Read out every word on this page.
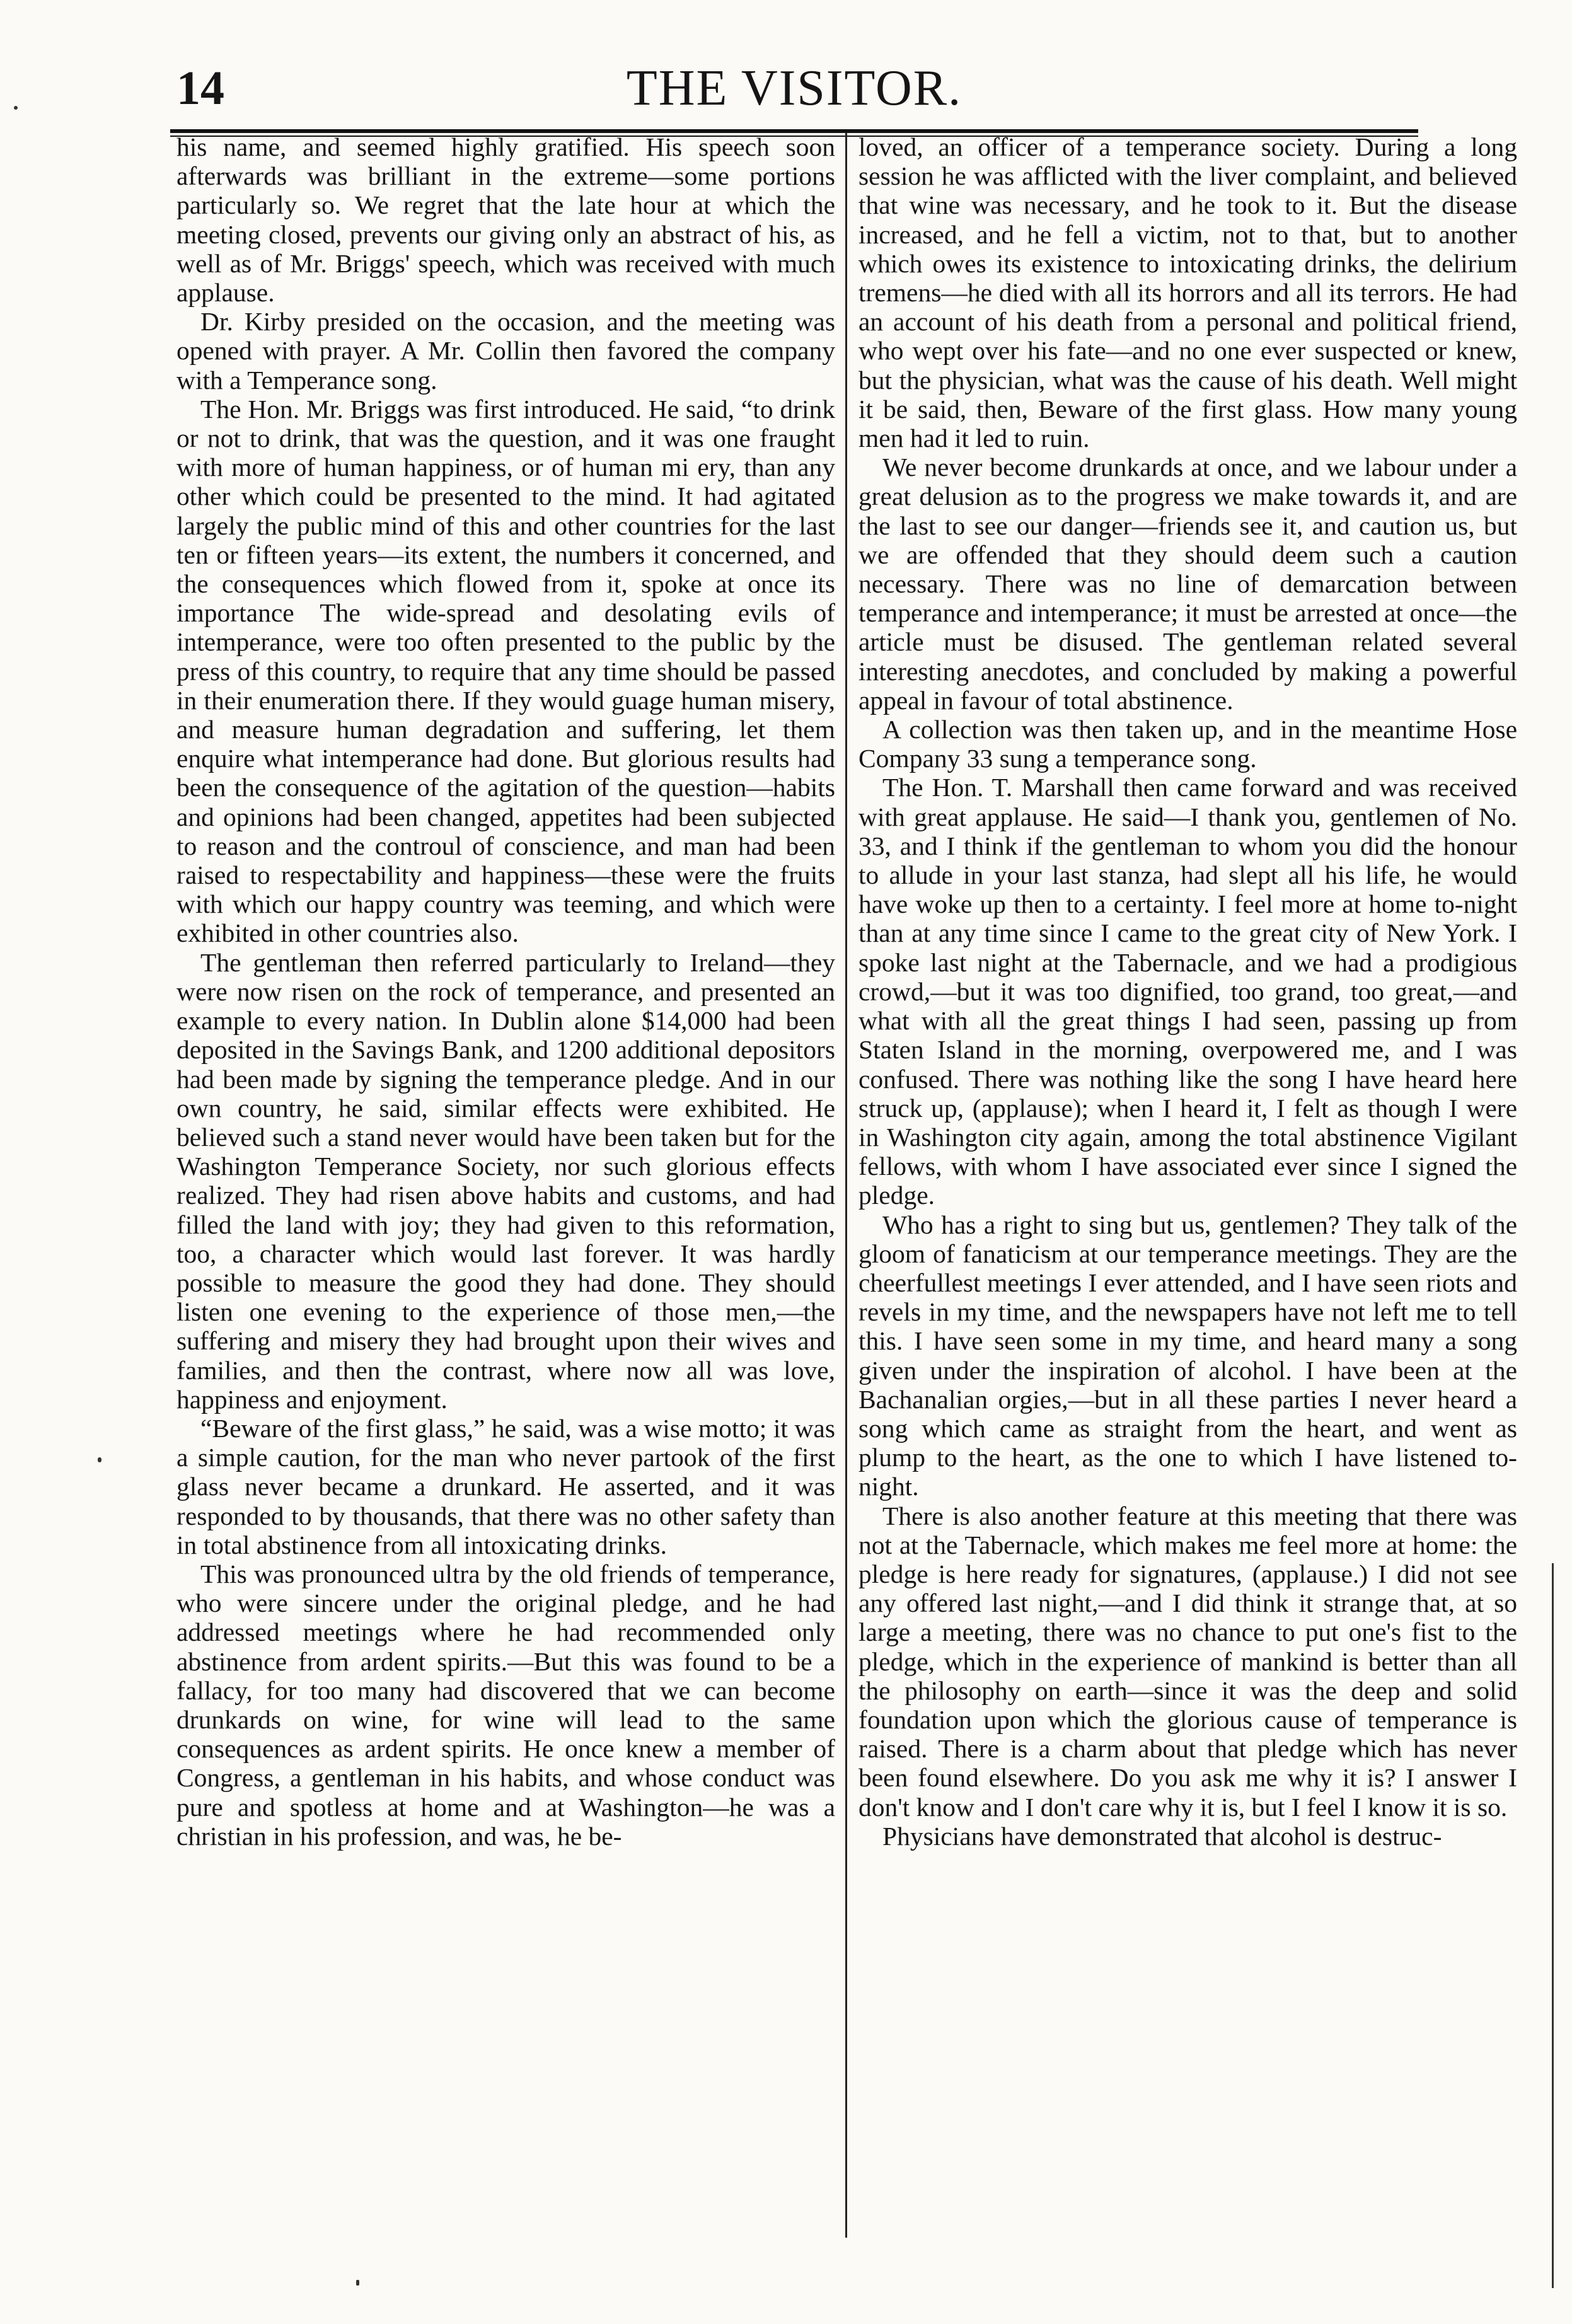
14	THE VISITOR.

his name, and seemed highly gratified. His speech soon afterwards was brilliant in the extreme—some portions particularly so. We regret that the late hour at which the meeting closed, prevents our giving only an abstract of his, as well as of Mr. Briggs' speech, which was received with much applause.

Dr. Kirby presided on the occasion, and the meeting was opened with prayer. A Mr. Collin then favored the company with a Temperance song.

The Hon. Mr. Briggs was first introduced. He said, “to drink or not to drink, that was the question, and it was one fraught with more of human happiness, or of human mi ery, than any other which could be presented to the mind. It had agitated largely the public mind of this and other countries for the last ten or fifteen years—its extent, the numbers it concerned, and the consequences which flowed from it, spoke at once its importance The wide-spread and desolating evils of intemperance, were too often presented to the public by the press of this country, to require that any time should be passed in their enumeration there. If they would guage human misery, and measure human degradation and suffering, let them enquire what intemperance had done. But glorious results had been the consequence of the agitation of the question—habits and opinions had been changed, appetites had been subjected to reason and the controul of conscience, and man had been raised to respectability and happiness—these were the fruits with which our happy country was teeming, and which were exhibited in other countries also.

The gentleman then referred particularly to Ireland—they were now risen on the rock of temperance, and presented an example to every nation. In Dublin alone $14,000 had been deposited in the Savings Bank, and 1200 additional depositors had been made by signing the temperance pledge. And in our own country, he said, similar effects were exhibited. He believed such a stand never would have been taken but for the Washington Temperance Society, nor such glorious effects realized. They had risen above habits and customs, and had filled the land with joy; they had given to this reformation, too, a character which would last forever. It was hardly possible to measure the good they had done. They should listen one evening to the experience of those men,—the suffering and misery they had brought upon their wives and families, and then the contrast, where now all was love, happiness and enjoyment.

“Beware of the first glass,” he said, was a wise motto; it was a simple caution, for the man who never partook of the first glass never became a drunkard. He asserted, and it was responded to by thousands, that there was no other safety than in total abstinence from all intoxicating drinks.

This was pronounced ultra by the old friends of temperance, who were sincere under the original pledge, and he had addressed meetings where he had recommended only abstinence from ardent spirits.—But this was found to be a fallacy, for too many had discovered that we can become drunkards on wine, for wine will lead to the same consequences as ardent spirits. He once knew a member of Congress, a gentleman in his habits, and whose conduct was pure and spotless at home and at Washington—he was a christian in his profession, and was, he be-

loved, an officer of a temperance society. During a long session he was afflicted with the liver complaint, and believed that wine was necessary, and he took to it. But the disease increased, and he fell a victim, not to that, but to another which owes its existence to intoxicating drinks, the delirium tremens—he died with all its horrors and all its terrors. He had an account of his death from a personal and political friend, who wept over his fate—and no one ever suspected or knew, but the physician, what was the cause of his death. Well might it be said, then, Beware of the first glass. How many young men had it led to ruin.

We never become drunkards at once, and we labour under a great delusion as to the progress we make towards it, and are the last to see our danger—friends see it, and caution us, but we are offended that they should deem such a caution necessary. There was no line of demarcation between temperance and intemperance; it must be arrested at once—the article must be disused. The gentleman related several interesting anecdotes, and concluded by making a powerful appeal in favour of total abstinence.

A collection was then taken up, and in the meantime Hose Company 33 sung a temperance song.

The Hon. T. Marshall then came forward and was received with great applause. He said—I thank you, gentlemen of No. 33, and I think if the gentleman to whom you did the honour to allude in your last stanza, had slept all his life, he would have woke up then to a certainty. I feel more at home to-night than at any time since I came to the great city of New York. I spoke last night at the Tabernacle, and we had a prodigious crowd,—but it was too dignified, too grand, too great,—and what with all the great things I had seen, passing up from Staten Island in the morning, overpowered me, and I was confused. There was nothing like the song I have heard here struck up, (applause); when I heard it, I felt as though I were in Washington city again, among the total abstinence Vigilant fellows, with whom I have associated ever since I signed the pledge.

Who has a right to sing but us, gentlemen? They talk of the gloom of fanaticism at our temperance meetings. They are the cheerfullest meetings I ever attended, and I have seen riots and revels in my time, and the newspapers have not left me to tell this. I have seen some in my time, and heard many a song given under the inspiration of alcohol. I have been at the Bachanalian orgies,—but in all these parties I never heard a song which came as straight from the heart, and went as plump to the heart, as the one to which I have listened to-night.

There is also another feature at this meeting that there was not at the Tabernacle, which makes me feel more at home: the pledge is here ready for signatures, (applause.) I did not see any offered last night,—and I did think it strange that, at so large a meeting, there was no chance to put one's fist to the pledge, which in the experience of mankind is better than all the philosophy on earth—since it was the deep and solid foundation upon which the glorious cause of temperance is raised. There is a charm about that pledge which has never been found elsewhere. Do you ask me why it is? I answer I don't know and I don't care why it is, but I feel I know it is so.

Physicians have demonstrated that alcohol is destruc-
